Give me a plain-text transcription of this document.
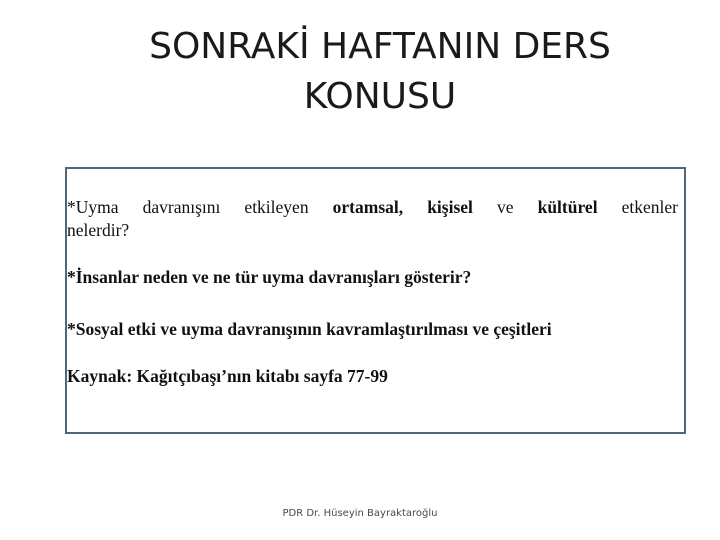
SONRAKİ HAFTANIN DERS
KONUSU
*Uyma davranışını etkileyen ortamsal, kişisel ve kültürel etkenler
nelerdir?

*İnsanlar neden ve ne tür uyma davranışları gösterir?

*Sosyal etki ve uyma davranışının kavramlaştırılması ve çeşitleri

Kaynak: Kağıtçıbaşı’nın kitabı sayfa 77-99

PDR Dr. Hüseyin Bayraktaroğlu
